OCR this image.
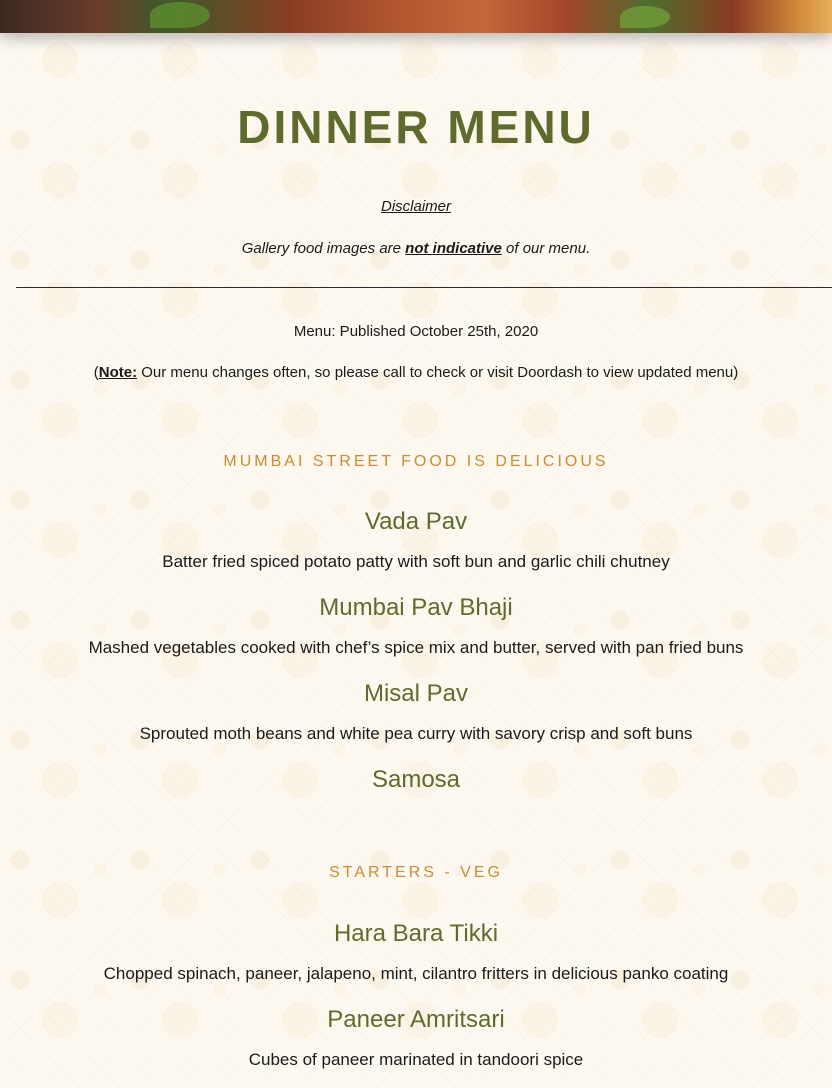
DINNER MENU
Disclaimer
Gallery food images are not indicative of our menu.
Menu: Published October 25th, 2020
(Note: Our menu changes often, so please call to check or visit Doordash to view updated menu)
MUMBAI STREET FOOD IS DELICIOUS
Vada Pav
Batter fried spiced potato patty with soft bun and garlic chili chutney
Mumbai Pav Bhaji
Mashed vegetables cooked with chef’s spice mix and butter, served with pan fried buns
Misal Pav
Sprouted moth beans and white pea curry with savory crisp and soft buns
Samosa
STARTERS - VEG
Hara Bara Tikki
Chopped spinach, paneer, jalapeno, mint, cilantro fritters in delicious panko coating
Paneer Amritsari
Cubes of paneer marinated in tandoori spice
